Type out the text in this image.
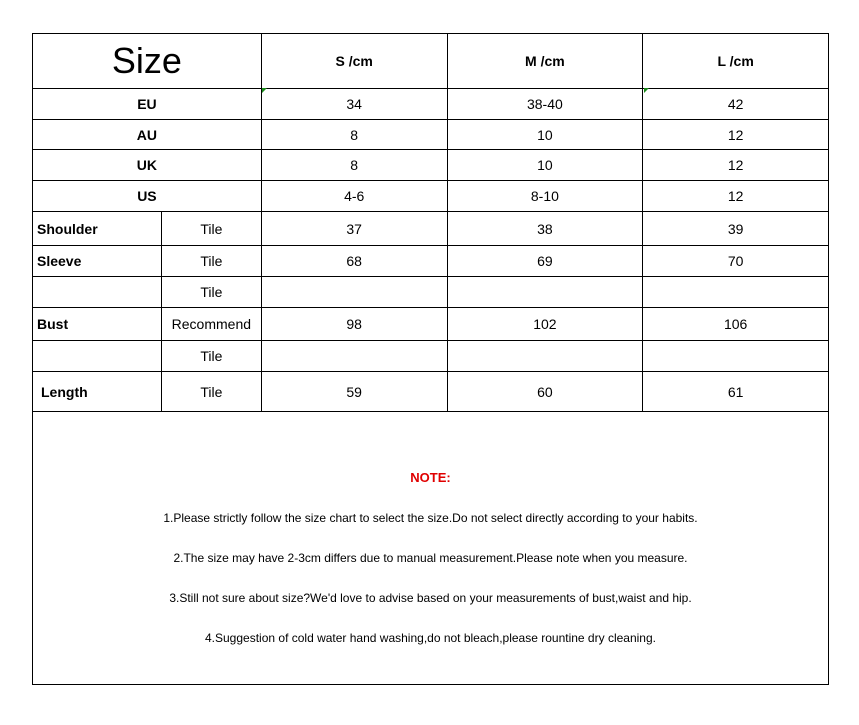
Size		S /cm	M /cm	L /cm
EU		34	38-40	42
AU		8	10	12
UK		8	10	12
US		4-6	8-10	12
Shoulder	Tile	37	38	39
Sleeve	Tile	68	69	70
	Tile			
Bust	Recommend	98	102	106
	Tile			
Length	Tile	59	60	61
NOTE:
1.Please strictly follow the size chart to select the size.Do not select directly according to your habits.
2.The size may have 2-3cm differs due to manual measurement.Please note when you measure.
3.Still not sure about size?We'd love to advise based on your measurements of bust,waist and hip.
4.Suggestion of cold water hand washing,do not bleach,please rountine dry cleaning.
